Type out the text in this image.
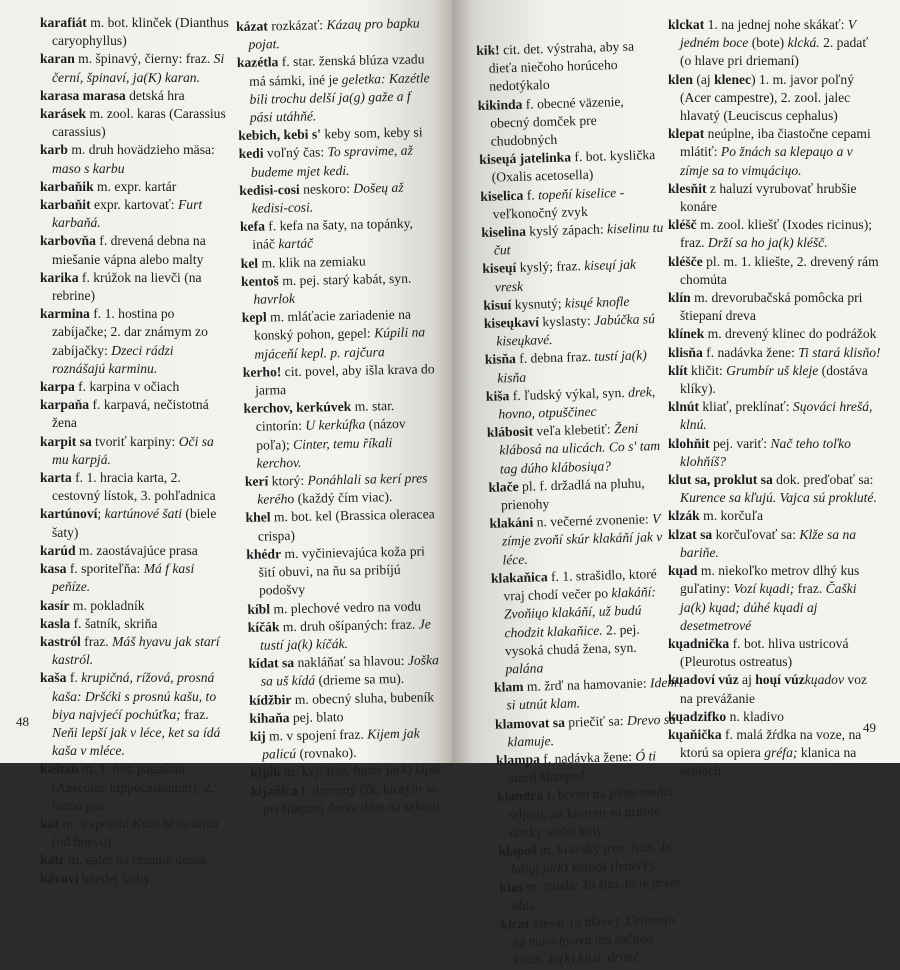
karafiát m. bot. klinček (Dianthus caryophyllus)

karan m. špinavý, čierny: fraz. Si černí, špinaví, ja(K) karan.

karasa marasa detská hra

karásek m. zool. karas (Carassius carassius)

karb m. druh hovädzieho mäsa: maso s karbu

karbaňik m. expr. kartár

karbaňit expr. kartovať: Furt karbaňá.

karbovňa f. drevená debna na miešanie vápna alebo malty

karika f. krúžok na lievči (na rebrine)

karmina f. 1. hostina po zabíjačke; 2. dar známym zo zabíjačky: Dzeci rádzi roznášajú karminu.

karpa f. karpina v očiach

karpaňa f. karpavá, nečistotná žena

karpit sa tvoriť karpiny: Oči sa mu karpjá.

karta f. 1. hracia karta, 2. cestovný lístok, 3. pohľadnica

kartúnoví; kartúnové šati (biele šaty)

karúd m. zaostávajúce prasa

kasa f. sporiteľňa: Má f kasi peňíze.

kasír m. pokladník

kasla f. šatník, skriňa

kastról fraz. Máš hyavu jak starí kastról.

kaša f. krupičná, rížová, prosná kaša: Dršćki s prosnú kašu, to biya najvjećí pochúťka; fraz. Neňi lepší jak v léce, ket sa ídá kaša v mléce.

kaštan m. 1. bot. pagaštan (Aesculus hippocastanum); 2. meno psa

kat m. v spojení Katu bi sa daya (od hnevu).

kátr m. gáter na rezanie dosák

kávoví hnedej farby

kázat rozkázať: Kázaų pro bapku pojat.

kazétla f. star. ženská blúza vzadu má sámki, iné je geletka: Kazétle bili trochu delší ja(g) gaže a f pási utáhňé.

kebich, kebi s' keby som, keby si

kedi voľný čas: To spravime, až budeme mjet kedi.

kedisi-cosi neskoro: Došeų až kedisi-cosi.

kefa f. kefa na šaty, na topánky, ináč kartáč

kel m. klik na zemiaku

kentoš m. pej. starý kabát, syn. havrlok

kepl m. mláťacie zariadenie na konský pohon, gepel: Kúpili na mjáceňí kepl. p. rajčura

kerho! cit. povel, aby išla krava do jarma

kerchov, kerkúvek m. star. cintorín: U kerkúfka (názov poľa); Cinter, temu říkali kerchov.

kerí ktorý: Ponáhlali sa kerí pres kerého (každý čím viac).

khel m. bot. kel (Brassica oleracea crispa)

khédr m. vyčinievajúca koža pri šití obuvi, na ňu sa pribíjú podošvy

kíbl m. plechové vedro na vodu

kíčák m. druh ošípaných: fraz. Je tustí ja(k) kíčák.

kídat sa nakláňať sa hlavou: Joška sa uš kídá (drieme sa mu).

kídžbir m. obecný sluha, bubeník

kihaňa pej. blato

kij m. v spojení fraz. Kijem jak palicú (rovnako).

kiják m. kyj: fraz. husté ja(k) kiják

kijaňica f. drevený ťík, ktorým sa pri štiepaní dreva tlčie na sekeru

48

kik! cit. det. výstraha, aby sa dieťa niečoho horúceho nedotýkalo

kikinda f. obecné väzenie, obecný domček pre chudobných

kiseųá jatelinka f. bot. kyslička (Oxalis acetosella)

kiselica f. topeňí kiselice - veľkonočný zvyk

kiselina kyslý zápach: kiselinu tu čut

kiseųí kyslý; fraz. kiseųí jak vresk

kisuí kysnutý; kisųé knofle

kiseųkaví kyslasty: Jabúčka sú kiseųkavé.

kisňa f. debna fraz. tustí ja(k) kisňa

kiša f. ľudský výkal, syn. drek, hovno, otpuščinec

klábosit veľa klebetiť: Ženi klábosá na ulicách. Co s' tam tag dúho klábosiųa?

klače pl. f. držadlá na pluhu, prienohy

klakáni n. večerné zvonenie: V zímje zvoňí skúr klakáňí jak v léce.

klakaňica f. 1. strašidlo, ktoré vraj chodí večer po klakáňí: Zvoňiųo klakáňí, už budú chodzit klakaňice. 2. pej. vysoká chudá žena, syn. palána

klam m. žrď na hamovanie: Idem si utnút klam.

klamovat sa priečiť sa: Drevo sa klamuje.

klampa f. nadávka žene: Ó ti stará klampo!

klandra f. brvno na plote medzi stĺpmi, na ktorom sú pribité dosky alebo koly

klapoš m. kravský trus: fraz. Je hňiųí ja(k) klapoš (lenivý).

klas m. trieda: To žito, to je první klas.

klcat klesať (o hlave): Drímaųo sa mu a hyava mu začaųa klcat. Ja(k) klcá, drímé.

klckat 1. na jednej nohe skákať: V jedném boce (bote) klcká. 2. padať (o hlave pri driemaní)

klen (aj klenec) 1. m. javor poľný (Acer campestre), 2. zool. jalec hlavatý (Leuciscus cephalus)

klepat neúplne, iba čiastočne cepami mlátiť: Po žnách sa klepaųo a v zímje sa to vimųáciųo.

klesňit z haluzí vyrubovať hrubšie konáre

kléšč m. zool. kliešť (Ixodes ricinus); fraz. Drží sa ho ja(k) kléšč.

kléšče pl. m. 1. kliešte, 2. drevený rám chomúta

klín m. drevorubačská pomôcka pri štiepaní dreva

klínek m. drevený klinec do podrážok

klisňa f. nadávka žene: Ti stará klisňo!

klít kličit: Grumbír uš kleje (dostáva klíky).

klnút kliať, preklínať: Sųováci hrešá, klnú.

klohňit pej. variť: Nač teho toľko klohňíš?

klut sa, proklut sa dok. preďobať sa: Kurence sa kľujú. Vajca sú prokluté.

klzák m. korčuľa

klzat sa korčuľovať sa: Klže sa na bariňe.

kųad m. niekoľko metrov dlhý kus guľatiny: Vozí kųadi; fraz. Čaški ja(k) kųad; dúhé kųadi aj desetmetrové

kųadnička f. bot. hliva ustricová (Pleurotus ostreatus)

kųadoví vúz aj hoųí vúzkųadov voz na prevážanie

kųadzifko n. kladivo

kųaňička f. malá žŕdka na voze, na ktorú sa opiera gréfa; klanica na saniach

49
